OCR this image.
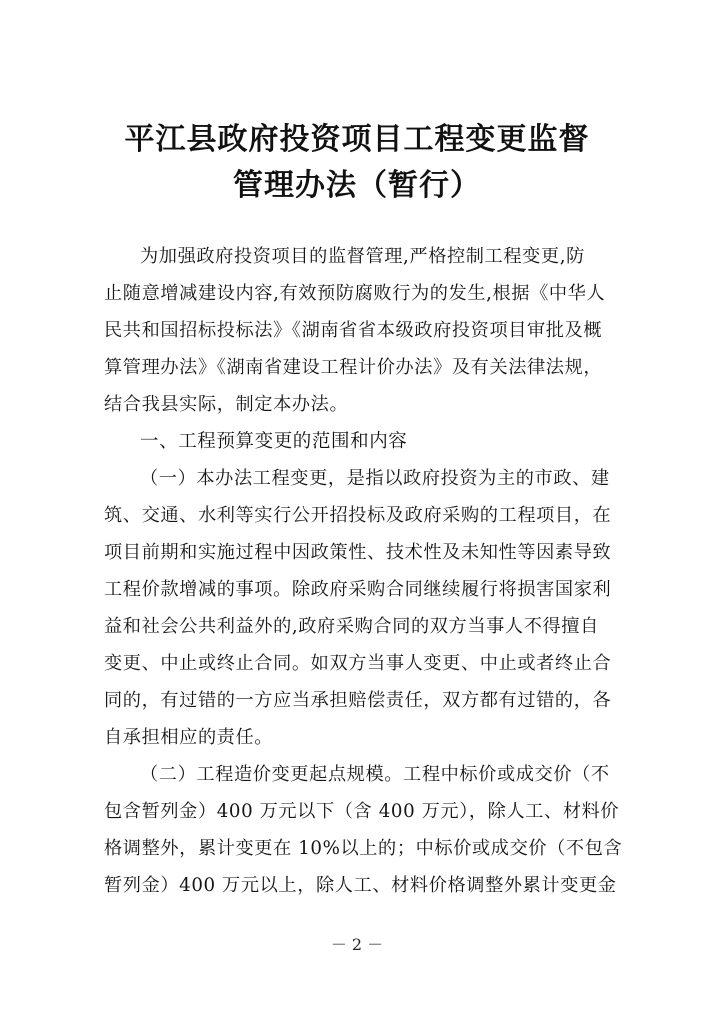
平江县政府投资项目工程变更监督
管理办法（暂行）
为加强政府投资项目的监督管理,严格控制工程变更,防
止随意增减建设内容,有效预防腐败行为的发生,根据《中华人
民共和国招标投标法》《湖南省省本级政府投资项目审批及概
算管理办法》《湖南省建设工程计价办法》及有关法律法规，
结合我县实际，制定本办法。
一、工程预算变更的范围和内容
（一）本办法工程变更，是指以政府投资为主的市政、建
筑、交通、水利等实行公开招投标及政府采购的工程项目，在
项目前期和实施过程中因政策性、技术性及未知性等因素导致
工程价款增减的事项。除政府采购合同继续履行将损害国家利
益和社会公共利益外的,政府采购合同的双方当事人不得擅自
变更、中止或终止合同。如双方当事人变更、中止或者终止合
同的，有过错的一方应当承担赔偿责任，双方都有过错的，各
自承担相应的责任。
（二）工程造价变更起点规模。工程中标价或成交价（不
包含暂列金）400 万元以下（含 400 万元），除人工、材料价
格调整外，累计变更在 10%以上的；中标价或成交价（不包含
暂列金）400 万元以上，除人工、材料价格调整外累计变更金
－ 2 －
